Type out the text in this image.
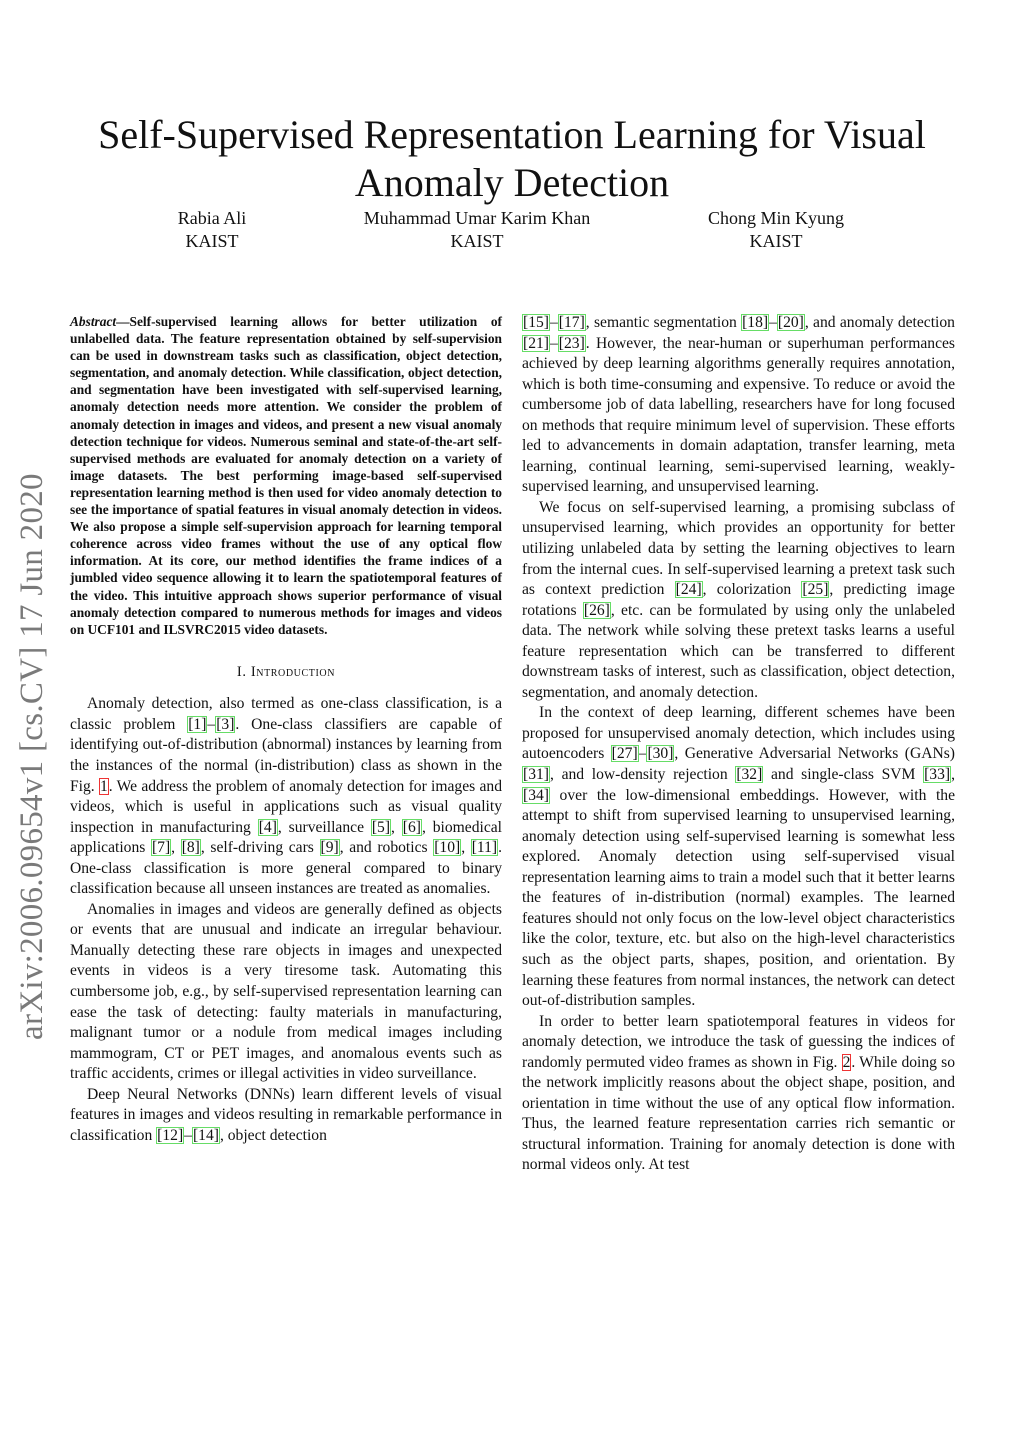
arXiv:2006.09654v1 [cs.CV] 17 Jun 2020
Self-Supervised Representation Learning for Visual Anomaly Detection
Rabia Ali
KAIST
Muhammad Umar Karim Khan
KAIST
Chong Min Kyung
KAIST

Abstract—Self-supervised learning allows for better utilization of unlabelled data. The feature representation obtained by self-supervision can be used in downstream tasks such as classification, object detection, segmentation, and anomaly detection. While classification, object detection, and segmentation have been investigated with self-supervised learning, anomaly detection needs more attention. We consider the problem of anomaly detection in images and videos, and present a new visual anomaly detection technique for videos. Numerous seminal and state-of-the-art self-supervised methods are evaluated for anomaly detection on a variety of image datasets. The best performing image-based self-supervised representation learning method is then used for video anomaly detection to see the importance of spatial features in visual anomaly detection in videos. We also propose a simple self-supervision approach for learning temporal coherence across video frames without the use of any optical flow information. At its core, our method identifies the frame indices of a jumbled video sequence allowing it to learn the spatiotemporal features of the video. This intuitive approach shows superior performance of visual anomaly detection compared to numerous methods for images and videos on UCF101 and ILSVRC2015 video datasets.

I. Introduction

Anomaly detection, also termed as one-class classification, is a classic problem [1]–[3]. One-class classifiers are capable of identifying out-of-distribution (abnormal) instances by learning from the instances of the normal (in-distribution) class as shown in the Fig. 1. We address the problem of anomaly detection for images and videos, which is useful in applications such as visual quality inspection in manufacturing [4], surveillance [5], [6], biomedical applications [7], [8], self-driving cars [9], and robotics [10], [11]. One-class classification is more general compared to binary classification because all unseen instances are treated as anomalies.

Anomalies in images and videos are generally defined as objects or events that are unusual and indicate an irregular behaviour. Manually detecting these rare objects in images and unexpected events in videos is a very tiresome task. Automating this cumbersome job, e.g., by self-supervised representation learning can ease the task of detecting: faulty materials in manufacturing, malignant tumor or a nodule from medical images including mammogram, CT or PET images, and anomalous events such as traffic accidents, crimes or illegal activities in video surveillance.

Deep Neural Networks (DNNs) learn different levels of visual features in images and videos resulting in remarkable performance in classification [12]–[14], object detection

[15]–[17], semantic segmentation [18]–[20], and anomaly detection [21]–[23]. However, the near-human or superhuman performances achieved by deep learning algorithms generally requires annotation, which is both time-consuming and expensive. To reduce or avoid the cumbersome job of data labelling, researchers have for long focused on methods that require minimum level of supervision. These efforts led to advancements in domain adaptation, transfer learning, meta learning, continual learning, semi-supervised learning, weakly-supervised learning, and unsupervised learning.

We focus on self-supervised learning, a promising subclass of unsupervised learning, which provides an opportunity for better utilizing unlabeled data by setting the learning objectives to learn from the internal cues. In self-supervised learning a pretext task such as context prediction [24], colorization [25], predicting image rotations [26], etc. can be formulated by using only the unlabeled data. The network while solving these pretext tasks learns a useful feature representation which can be transferred to different downstream tasks of interest, such as classification, object detection, segmentation, and anomaly detection.

In the context of deep learning, different schemes have been proposed for unsupervised anomaly detection, which includes using autoencoders [27]–[30], Generative Adversarial Networks (GANs) [31], and low-density rejection [32] and single-class SVM [33], [34] over the low-dimensional embeddings. However, with the attempt to shift from supervised learning to unsupervised learning, anomaly detection using self-supervised learning is somewhat less explored. Anomaly detection using self-supervised visual representation learning aims to train a model such that it better learns the features of in-distribution (normal) examples. The learned features should not only focus on the low-level object characteristics like the color, texture, etc. but also on the high-level characteristics such as the object parts, shapes, position, and orientation. By learning these features from normal instances, the network can detect out-of-distribution samples.

In order to better learn spatiotemporal features in videos for anomaly detection, we introduce the task of guessing the indices of randomly permuted video frames as shown in Fig. 2. While doing so the network implicitly reasons about the object shape, position, and orientation in time without the use of any optical flow information. Thus, the learned feature representation carries rich semantic or structural information. Training for anomaly detection is done with normal videos only. At test
